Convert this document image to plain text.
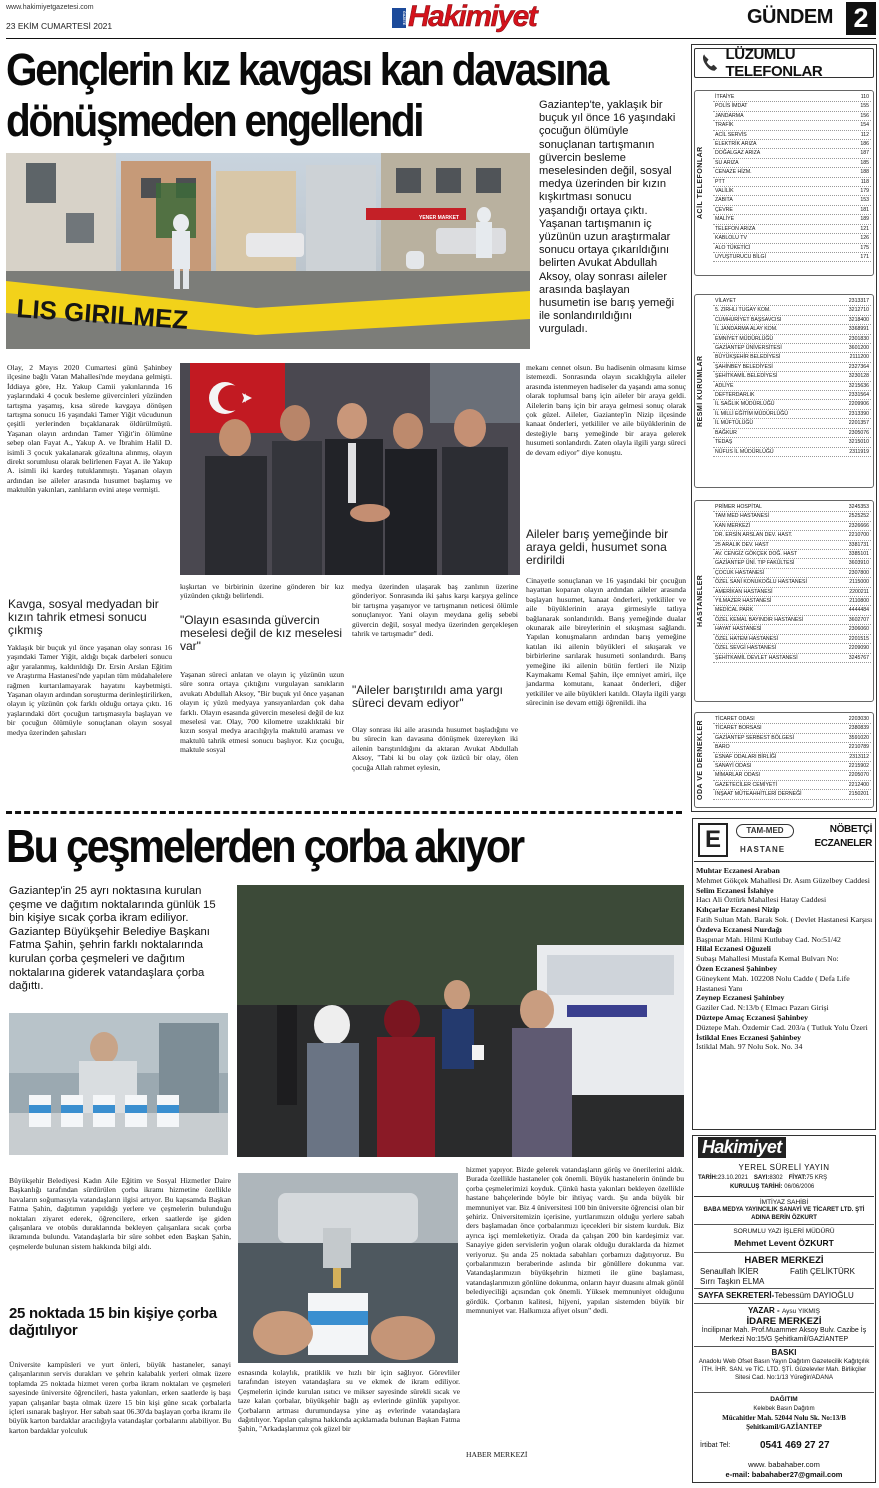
www.hakimiyetgazetesi.com
23 EKİM CUMARTESİ 2021
GAZETE Hakimiyet	GÜNDEM 2
Gençlerin kız kavgası kan davasına
dönüşmeden engellendi	Gaziantep'te, yaklaşık bir buçuk yıl önce 16 yaşındaki çocuğun ölümüyle sonuçlanan tartışmanın güvercin besleme meselesinden değil, sosyal medya üzerinden bir kızın kışkırtması sonucu yaşandığı ortaya çıktı. Yaşanan tartışmanın iç yüzünün uzun araştırmalar sonucu ortaya çıkarıldığını belirten Avukat Abdullah Aksoy, olay sonrası aileler arasında başlayan husumetin ise barış yemeği ile sonlandırıldığını vurguladı.
LIS GIRILMEZ
YENER MARKET
Olay, 2 Mayıs 2020 Cumartesi günü Şahinbey ilçesine bağlı Vatan Mahallesi'nde meydana gelmişti. İddiaya göre, Hz. Yakup Camii yakınlarında 16 yaşlarındaki 4 çocuk besleme güvercinleri yüzünden tartışma yaşamış, kısa sürede kavgaya dönüşen tartışma sonucu 16 yaşındaki Tamer Yiğit vücudunun çeşitli yerlerinden bıçaklanarak öldürülmüştü. Yaşanan olayın ardından Tamer Yiğit'in ölümüne sebep olan Fayat A., Yakup A. ve İbrahim Halil D. isimli 3 çocuk yakalanarak gözaltına alınmış, olayın direkt sorumlusu olarak belirlenen Fayat A. ile Yakup A. isimli iki kardeş tutuklanmıştı. Yaşanan olayın ardından ise aileler arasında husumet başlamış ve maktulün yakınları, zanlıların evini ateşe vermişti.
Kavga, sosyal medyadan bir kızın tahrik etmesi sonucu çıkmış
Yaklaşık bir buçuk yıl önce yaşanan olay sonrası 16 yaşındaki Tamer Yiğit, aldığı bıçak darbeleri sonucu ağır yaralanmış, kaldırıldığı Dr. Ersin Arslan Eğitim ve Araştırma Hastanesi'nde yapılan tüm müdahalelere rağmen kurtarılamayarak hayatını kaybetmişti. Yaşanan olayın ardından soruşturma derinleştirilirken, olayın iç yüzünün çok farklı olduğu ortaya çıktı. 16 yaşlarındaki dört çocuğun tartışmasıyla başlayan ve bir çocuğun ölümüyle sonuçlanan olayın sosyal medya üzerinden şahısları
kışkırtan ve birbirinin üzerine gönderen bir kız yüzünden çıktığı belirlendi.
"Olayın esasında güvercin meselesi değil de kız meselesi var"
Yaşanan süreci anlatan ve olayın iç yüzünün uzun süre sonra ortaya çıktığını vurgulayan sanıkların avukatı Abdullah Aksoy, "Bir buçuk yıl önce yaşanan olayın iç yüzü medyaya yansıyanlardan çok daha farklı. Olayın esasında güvercin meselesi değil de kız meselesi var. Olay, 700 kilometre uzaklıktaki bir kızın sosyal medya aracılığıyla maktulü araması ve maktulü tahrik etmesi sonucu başlıyor. Kız çocuğu, maktule sosyal
medya üzerinden ulaşarak baş zanlının üzerine gönderiyor. Sonrasında iki şahıs karşı karşıya gelince bir tartışma yaşanıyor ve tartışmanın neticesi ölümle sonuçlanıyor. Yani olayın meydana geliş sebebi güvercin değil, sosyal medya üzerinden gerçekleşen tahrik ve tartışmadır" dedi.
"Aileler barıştırıldı ama yargı süreci devam ediyor"
Olay sonrası iki aile arasında husumet başladığını ve bu sürecin kan davasına dönüşmek üzereyken iki ailenin barıştırıldığını da aktaran Avukat Abdullah Aksoy, "Tabi ki bu olay çok üzücü bir olay, ölen çocuğa Allah rahmet eylesin,
mekanı cennet olsun. Bu hadisenin olmasını kimse istemezdi. Sonrasında olayın sıcaklığıyla aileler arasında istenmeyen hadiseler da yaşandı ama sonuç olarak toplumsal barış için aileler bir araya geldi. Ailelerin barış için bir araya gelmesi sonuç olarak çok güzel. Aileler, Gaziantep'in Nizip ilçesinde kanaat önderleri, yetkililer ve aile büyüklerinin de desteğiyle barış yemeğinde bir araya gelerek husumeti sonlandırdı. Zaten olayla ilgili yargı süreci de devam ediyor" diye konuştu.
Aileler barış yemeğinde bir araya geldi, husumet sona erdirildi
Cinayetle sonuçlanan ve 16 yaşındaki bir çocuğun hayattan koparan olayın ardından aileler arasında başlayan husumet, kanaat önderleri, yetkililer ve aile büyüklerinin araya girmesiyle tatlıya bağlanarak sonlandırıldı. Barış yemeğinde dualar okunarak aile bireylerinin el sıkışması sağlandı. Yapılan konuşmaların ardından barış yemeğine katılan iki ailenin büyükleri el sıkışarak ve birbirlerine sarılarak husumeti sonlandırdı. Barış yemeğine iki ailenin bütün fertleri ile Nizip Kaymakamı Kemal Şahin, ilçe emniyet amiri, ilçe jandarma komutanı, kanaat önderleri, diğer yetkililer ve aile büyükleri katıldı. Olayla ilgili yargı sürecinin ise devam ettiği öğrenildi. iha
Bu çeşmelerden çorba akıyor
Gaziantep'in 25 ayrı noktasına kurulan çeşme ve dağıtım noktalarında günlük 15 bin kişiye sıcak çorba ikram ediliyor. Gaziantep Büyükşehir Belediye Başkanı Fatma Şahin, şehrin farklı noktalarında kurulan çorba çeşmeleri ve dağıtım noktalarına giderek vatandaşlara çorba dağıttı.
Büyükşehir Belediyesi Kadın Aile Eğitim ve Sosyal Hizmetler Daire Başkanlığı tarafından sürdürülen çorba ikramı hizmetine özellikle havaların soğumasıyla vatandaşların ilgisi artıyor. Bu kapsamda Başkan Fatma Şahin, dağıtımın yapıldığı yerlere ve çeşmelerin bulunduğu noktaları ziyaret ederek, öğrencilere, erken saatlerde işe giden çalışanlara ve otobüs duraklarında bekleyen çalışanlara sıcak çorba ikramında bulundu. Vatandaşlarla bir süre sohbet eden Başkan Şahin, çeşmelerde bulunan sistem hakkında bilgi aldı.
25 noktada 15 bin kişiye çorba dağıtılıyor
Üniversite kampüsleri ve yurt önleri, büyük hastaneler, sanayi çalışanlarının servis durakları ve şehrin kalabalık yerleri olmak üzere toplamda 25 noktada hizmet veren çorba ikram noktaları ve çeşmeleri sayesinde üniversite öğrencileri, hasta yakınları, erken saatlerde iş başı yapan çalışanlar başta olmak üzere 15 bin kişi güne sıcak çorbalarla içleri ısınarak başlıyor. Her sabah saat 06.30'da başlayan çorba ikramı ile büyük karton bardaklar aracılığıyla vatandaşlar çorbalarını alabiliyor. Bu karton bardaklar yolculuk
esnasında kolaylık, pratiklik ve hızlı bir için sağlıyor. Görevliler tarafından isteyen vatandaşlara su ve ekmek de ikram ediliyor. Çeşmelerin içinde kurulan ısıtıcı ve mikser sayesinde sürekli sıcak ve taze kalan çorbalar, büyükşehir bağlı aş evlerinde günlük yapılıyor. Çorbaların artması durumundaysa yine aş evlerinde vatandaşlara dağıtılıyor. Yapılan çalışma hakkında açıklamada bulunan Başkan Fatma Şahin, "Arkadaşlarımız çok güzel bir
hizmet yapıyor. Bizde gelerek vatandaşların görüş ve önerilerini aldık. Burada özellikle hastaneler çok önemli. Büyük hastanelerin önünde bu çorba çeşmelerimizi koyduk. Çünkü hasta yakınları bekleyen özellikle hastane bahçelerinde böyle bir ihtiyaç vardı. Şu anda büyük bir memnuniyet var. Biz 4 üniversitesi 100 bin üniversite öğrencisi olan bir şehiriz. Üniversitemizin içerisine, yurtlarımızın olduğu yerlere sabah ders başlamadan önce çorbalarımızı içecekleri bir sistem kurduk. Biz ayrıca işçi memleketiyiz. Orada da çalışan 200 bin kardeşimiz var. Sanayiye giden servislerin yoğun olarak olduğu duraklarda da hizmet veriyoruz. Şu anda 25 noktada sabahları çorbamızı dağıtıyoruz. Bu çorbalarımızın beraberinde aslında bir gönüllere dokunma var. Vatandaşlarımızın büyükşehrin hizmeti ile güne başlaması, vatandaşlarımızın gönlüne dokunma, onların hayır duasını almak gönül belediyeciliği açısından çok önemli. Yüksek memnuniyet olduğunu gördük. Çorbanın kalitesi, hijyeni, yapılan sistemden büyük bir memnuniyet var. Halkımıza afiyet olsun" dedi.
HABER MERKEZİ
LÜZUMLU TELEFONLAR
ACİL TELEFONLAR
İTFAİYE	110
POLİS İMDAT	155
JANDARMA	156
TRAFİK	154
ACİL SERVİS	112
ELEKTRİK ARIZA	186
DOĞALGAZ ARIZA	187
SU ARIZA	185
CENAZE HİZM.	188
PTT	118
VALİLİK	179
ZABITA	153
ÇEVRE	181
MALİYE	189
TELEFON ARIZA	121
KABLOLU TV	126
ALO TÜKETİCİ	175
UYUŞTURUCU BİLGİ	171
RESMİ KURUMLAR
VİLAYET	2313317
5. ZIRHLI TUGAY KOM.	3212710
CUMHURİYET BAŞSAVCISI	3218400
İL JANDARMA ALAY KOM.	3368991
EMNİYET MÜDÜRLÜĞÜ	2301830
GAZİANTEP ÜNİVERSİTESİ	3601200
BÜYÜKŞEHİR BELEDİYESİ	2111200
ŞAHİNBEY BELEDİYESİ	2327364
ŞEHİTKAMİL BELEDİYESİ	3230128
ADLİYE	3215636
DEFTERDARLIK	2331564
İL SAĞLIK MÜDÜRLÜĞÜ	2209906
İL MİLLİ EĞİTİM MÜDÜRLÜĞÜ	2313390
İL MÜFTÜLÜĞÜ	2201357
BAĞKUR	2305076
TEDAŞ	3215010
NÜFUS İL MÜDÜRLÜĞÜ	2311919
HASTANELER
PRİMER HOSPİTAL	3245353
TAM MED HASTANESİ	2525252
KAN MERKEZİ	2326666
DR. ERSİN ARSLAN DEV. HAST.	2210700
25 ARALIK DEV. HAST	3381731
AV. CENGİZ GÖKÇEK DOĞ. HAST	3385101
GAZİANTEP ÜNİ. TIP FAKÜLTESİ	3603910
ÇOCUK HASTANESİ	2307800
ÖZEL SANİ KONUKOĞLU HASTANESİ	2115000
AMERİKAN HASTANESİ	2200211
YILMAZER HASTANESİ	2110800
MEDİCAL PARK	4444484
ÖZEL KEMAL BAYINDIR HASTANESİ	3602707
HAYAT HASTANESİ	2306060
ÖZEL HATEM HASTANESİ	2201515
ÖZEL SEVGİ HASTANESİ	2209090
ŞEHİTKAMİL DEVLET HASTANESİ	3245767
ODA VE DERNEKLER
TİCARET ODASI	2203030
TİCARET BORSASI	2380839
GAZİANTEP SERBEST BÖLGESİ	3591020
BARO	2210789
ESNAF ODALARI BİRLİĞİ	2313112
SANAYİ ODASI	2215902
MİMARLAR ODASI	2205070
GAZETECİLER CEMİYETİ	2212400
İNŞAAT MÜTEAHHİTLERİ DERNEĞİ	2150201
E	TAM-MED
HASTANE
NÖBETÇİ
ECZANELER
Muhtar Eczanesi Araban
Mehmet Gökçek Mahallesi Dr. Asım Güzelbey Caddesi
Selim Eczanesi İslahiye
Hacı Ali Öztürk Mahallesi Hatay Caddesi
Kılıçarlar Eczanesi Nizip
Fatih Sultan Mah. Barak Sok. ( Devlet Hastanesi Karşısı
Özdeva Eczanesi Nurdağı
Başpınar Mah. Hilmi Kutlubay Cad. No:51/42
Hilal Eczanesi Oğuzeli
Subaşı Mahallesi Mustafa Kemal Bulvarı No:
Özen Eczanesi Şahinbey
Güneykent Mah. 102208 Nolu Cadde ( Defa Life Hastanesi Yanı
Zeynep Eczanesi Şahinbey
Gaziler Cad. N:13/b ( Elmacı Pazarı Girişi
Düztepe Amaç Eczanesi Şahinbey
Düztepe Mah. Özdemir Cad. 203/a ( Tutluk Yolu Üzeri
İstiklal Enes Eczanesi Şahinbey
İstiklal Mah. 97 Nolu Sok. No. 34
Hakimiyet
YEREL SÜRELİ YAYIN
TARİH:23.10.2021 SAYI:8302 FİYAT:75 KRŞ
KURULUŞ TARİHİ: 06/06/2006
İMTİYAZ SAHİBİ
BABA MEDYA YAYINCILIK SANAYİ VE TİCARET LTD. ŞTİ ADINA BERİN ÖZKURT
SORUMLU YAZI İŞLERİ MÜDÜRÜ
Mehmet Levent ÖZKURT
HABER MERKEZİ
Senaullah İKİER	Fatih ÇELİKTÜRK
Sırrı Taşkın ELMA
SAYFA SEKRETERİ-Tebessüm DAYIOĞLU
YAZAR - Aysu YIKMIŞ
İDARE MERKEZİ
İncilipınar Mah. Prof.Muammer Aksoy Bulv. Cazibe İş Merkezi No:15/G Şehitkamil/GAZİANTEP
BASKI
Anadolu Web Ofset Basın Yayın Dağıtım Gazetecilik Kağıtçılık İTH. İHR. SAN. ve TİC. LTD. ŞTİ. Güzelevler Mah. Birlikçiler Sitesi Cad. No:1/13 Yüreğir/ADANA
DAĞITIM
Kelebek Basın Dağıtım
Mücahitler Mah. 52044 Nolu Sk. No:13/B Şehitkamil/GAZİANTEP
İrtibat Tel:	0541 469 27 27
www. babahaber.com
e-mail: babahaber27@gmail.com
